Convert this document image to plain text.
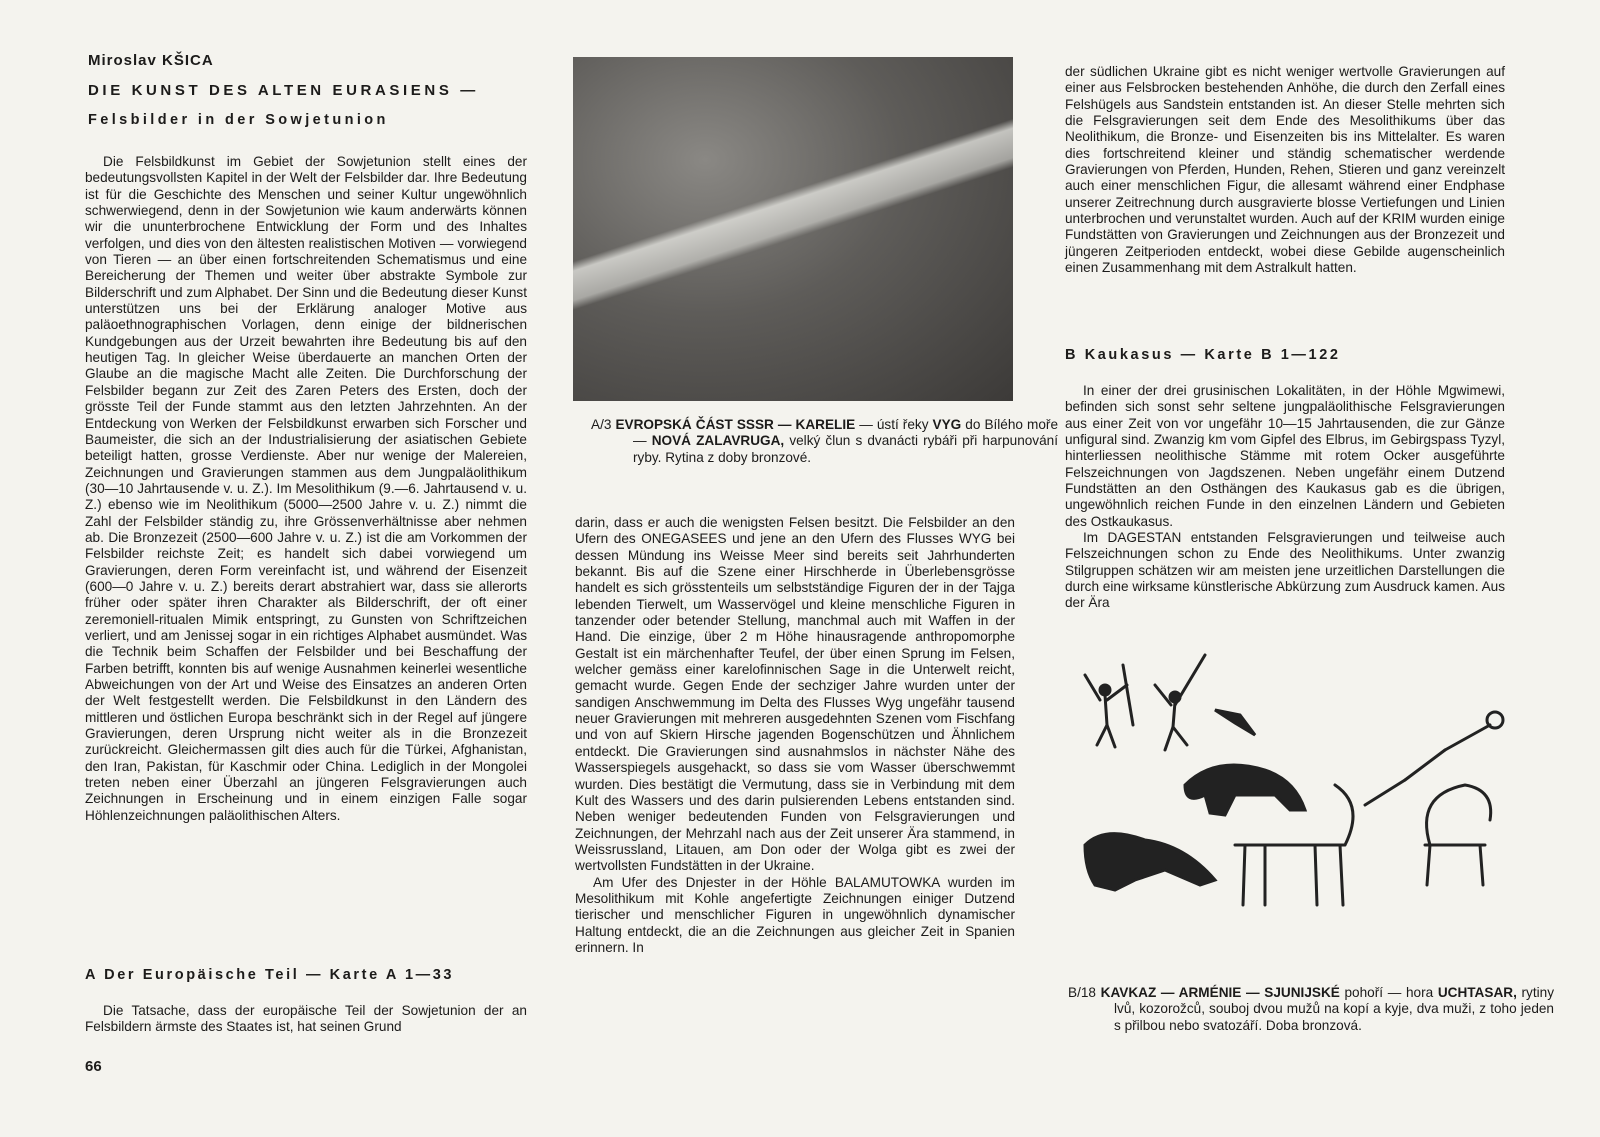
Miroslav KŠICA
DIE KUNST DES ALTEN EURASIENS —
Felsbilder in der Sowjetunion

Die Felsbildkunst im Gebiet der Sowjetunion stellt eines der bedeutungsvollsten Kapitel in der Welt der Felsbilder dar. Ihre Bedeutung ist für die Geschichte des Menschen und seiner Kultur ungewöhnlich schwerwiegend, denn in der Sowjetunion wie kaum anderwärts können wir die ununterbrochene Entwicklung der Form und des Inhaltes verfolgen, und dies von den ältesten realistischen Motiven — vorwiegend von Tieren — an über einen fortschreitenden Schematismus und eine Bereicherung der Themen und weiter über abstrakte Symbole zur Bilderschrift und zum Alphabet. Der Sinn und die Bedeutung dieser Kunst unterstützen uns bei der Erklärung analoger Motive aus paläoethnographischen Vorlagen, denn einige der bildnerischen Kundgebungen aus der Urzeit bewahrten ihre Bedeutung bis auf den heutigen Tag. In gleicher Weise überdauerte an manchen Orten der Glaube an die magische Macht alle Zeiten. Die Durchforschung der Felsbilder begann zur Zeit des Zaren Peters des Ersten, doch der grösste Teil der Funde stammt aus den letzten Jahrzehnten. An der Entdeckung von Werken der Felsbildkunst erwarben sich Forscher und Baumeister, die sich an der Industrialisierung der asiatischen Gebiete beteiligt hatten, grosse Verdienste. Aber nur wenige der Malereien, Zeichnungen und Gravierungen stammen aus dem Jungpaläolithikum (30—10 Jahrtausende v. u. Z.). Im Mesolithikum (9.—6. Jahrtausend v. u. Z.) ebenso wie im Neolithikum (5000—2500 Jahre v. u. Z.) nimmt die Zahl der Felsbilder ständig zu, ihre Grössenverhältnisse aber nehmen ab. Die Bronzezeit (2500—600 Jahre v. u. Z.) ist die am Vorkommen der Felsbilder reichste Zeit; es handelt sich dabei vorwiegend um Gravierungen, deren Form vereinfacht ist, und während der Eisenzeit (600—0 Jahre v. u. Z.) bereits derart abstrahiert war, dass sie allerorts früher oder später ihren Charakter als Bilderschrift, der oft einer zeremoniell-ritualen Mimik entspringt, zu Gunsten von Schriftzeichen verliert, und am Jenissej sogar in ein richtiges Alphabet ausmündet. Was die Technik beim Schaffen der Felsbilder und bei Beschaffung der Farben betrifft, konnten bis auf wenige Ausnahmen keinerlei wesentliche Abweichungen von der Art und Weise des Einsatzes an anderen Orten der Welt festgestellt werden. Die Felsbildkunst in den Ländern des mittleren und östlichen Europa beschränkt sich in der Regel auf jüngere Gravierungen, deren Ursprung nicht weiter als in die Bronzezeit zurückreicht. Gleichermassen gilt dies auch für die Türkei, Afghanistan, den Iran, Pakistan, für Kaschmir oder China. Lediglich in der Mongolei treten neben einer Überzahl an jüngeren Felsgravierungen auch Zeichnungen in Erscheinung und in einem einzigen Falle sogar Höhlenzeichnungen paläolithischen Alters.

A Der Europäische Teil — Karte A 1—33

Die Tatsache, dass der europäische Teil der Sowjetunion der an Felsbildern ärmste des Staates ist, hat seinen Grund

A/3 EVROPSKÁ ČÁST SSSR — KARELIE — ústí řeky VYG do Bílého moře — NOVÁ ZALAVRUGA, velký člun s dvanácti rybáři při harpunování ryby. Rytina z doby bronzové.

darin, dass er auch die wenigsten Felsen besitzt. Die Felsbilder an den Ufern des ONEGASEES und jene an den Ufern des Flusses WYG bei dessen Mündung ins Weisse Meer sind bereits seit Jahrhunderten bekannt. Bis auf die Szene einer Hirschherde in Überlebensgrösse handelt es sich grösstenteils um selbstständige Figuren der in der Tajga lebenden Tierwelt, um Wasservögel und kleine menschliche Figuren in tanzender oder betender Stellung, manchmal auch mit Waffen in der Hand. Die einzige, über 2 m Höhe hinausragende anthropomorphe Gestalt ist ein märchenhafter Teufel, der über einen Sprung im Felsen, welcher gemäss einer karelofinnischen Sage in die Unterwelt reicht, gemacht wurde. Gegen Ende der sechziger Jahre wurden unter der sandigen Anschwemmung im Delta des Flusses Wyg ungefähr tausend neuer Gravierungen mit mehreren ausgedehnten Szenen vom Fischfang und von auf Skiern Hirsche jagenden Bogenschützen und Ähnlichem entdeckt. Die Gravierungen sind ausnahmslos in nächster Nähe des Wasserspiegels ausgehackt, so dass sie vom Wasser überschwemmt wurden. Dies bestätigt die Vermutung, dass sie in Verbindung mit dem Kult des Wassers und des darin pulsierenden Lebens entstanden sind. Neben weniger bedeutenden Funden von Felsgravierungen und Zeichnungen, der Mehrzahl nach aus der Zeit unserer Ära stammend, in Weissrussland, Litauen, am Don oder der Wolga gibt es zwei der wertvollsten Fundstätten in der Ukraine.

Am Ufer des Dnjester in der Höhle BALAMUTOWKA wurden im Mesolithikum mit Kohle angefertigte Zeichnungen einiger Dutzend tierischer und menschlicher Figuren in ungewöhnlich dynamischer Haltung entdeckt, die an die Zeichnungen aus gleicher Zeit in Spanien erinnern. In

der südlichen Ukraine gibt es nicht weniger wertvolle Gravierungen auf einer aus Felsbrocken bestehenden Anhöhe, die durch den Zerfall eines Felshügels aus Sandstein entstanden ist. An dieser Stelle mehrten sich die Felsgravierungen seit dem Ende des Mesolithikums über das Neolithikum, die Bronze- und Eisenzeiten bis ins Mittelalter. Es waren dies fortschreitend kleiner und ständig schematischer werdende Gravierungen von Pferden, Hunden, Rehen, Stieren und ganz vereinzelt auch einer menschlichen Figur, die allesamt während einer Endphase unserer Zeitrechnung durch ausgravierte blosse Vertiefungen und Linien unterbrochen und verunstaltet wurden. Auch auf der KRIM wurden einige Fundstätten von Gravierungen und Zeichnungen aus der Bronzezeit und jüngeren Zeitperioden entdeckt, wobei diese Gebilde augenscheinlich einen Zusammenhang mit dem Astralkult hatten.

B Kaukasus — Karte B 1—122

In einer der drei grusinischen Lokalitäten, in der Höhle Mgwimewi, befinden sich sonst sehr seltene jungpaläolithische Felsgravierungen aus einer Zeit von vor ungefähr 10—15 Jahrtausenden, die zur Gänze unfigural sind. Zwanzig km vom Gipfel des Elbrus, im Gebirgspass Tyzyl, hinterliessen neolithische Stämme mit rotem Ocker ausgeführte Felszeichnungen von Jagdszenen. Neben ungefähr einem Dutzend Fundstätten an den Osthängen des Kaukasus gab es die übrigen, ungewöhnlich reichen Funde in den einzelnen Ländern und Gebieten des Ostkaukasus.

Im DAGESTAN entstanden Felsgravierungen und teilweise auch Felszeichnungen schon zu Ende des Neolithikums. Unter zwanzig Stilgruppen schätzen wir am meisten jene urzeitlichen Darstellungen die durch eine wirksame künstlerische Abkürzung zum Ausdruck kamen. Aus der Ära

B/18 KAVKAZ — ARMÉNIE — SJUNIJSKÉ pohoří — hora UCHTASAR, rytiny lvů, kozorožců, souboj dvou mužů na kopí a kyje, dva muži, z toho jeden s přilbou nebo svatozáří. Doba bronzová.
66
